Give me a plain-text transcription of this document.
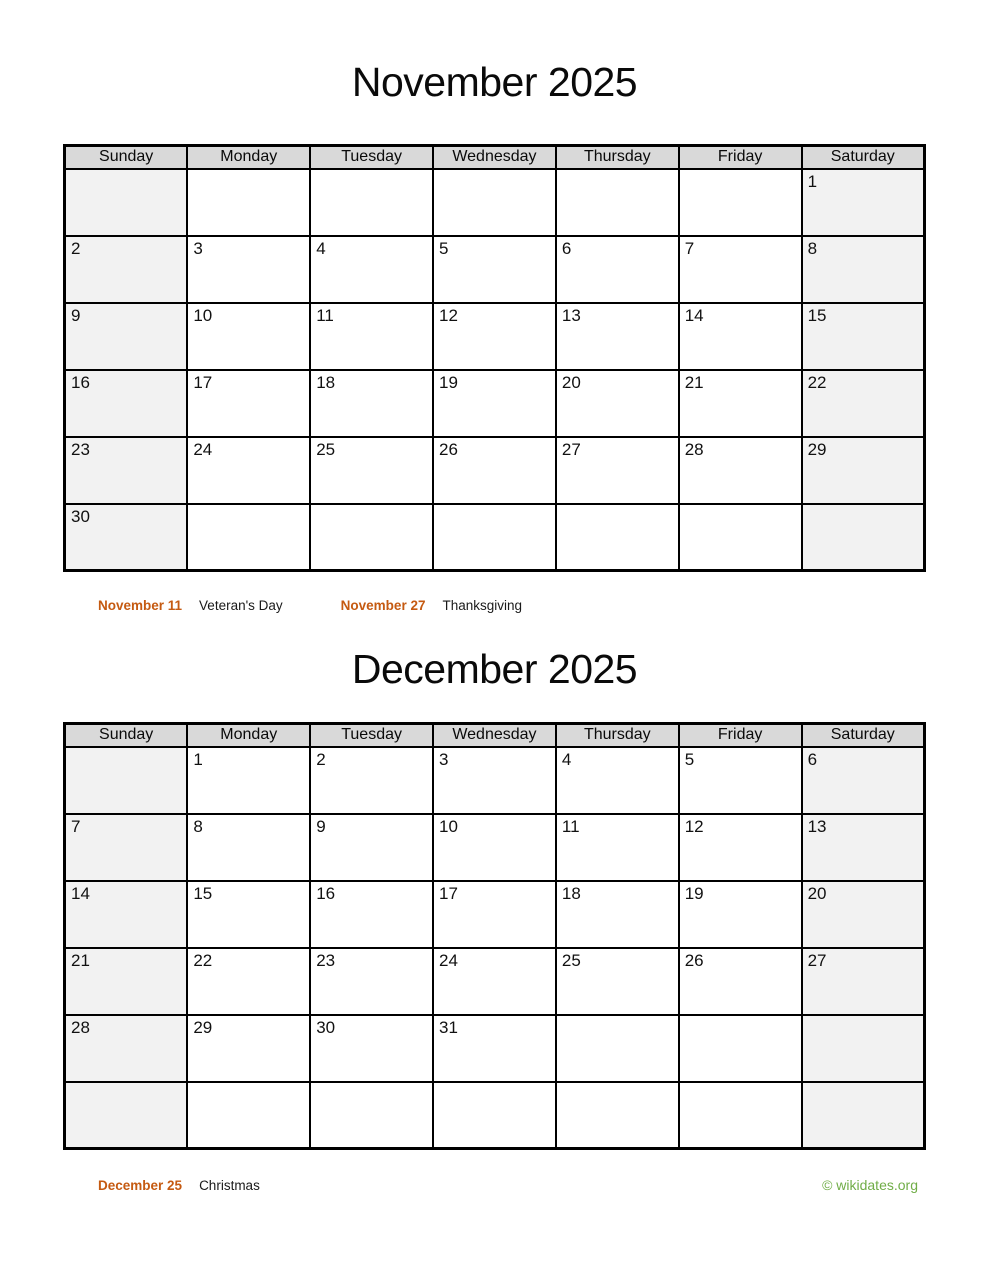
November 2025
Sunday	Monday	Tuesday	Wednesday	Thursday	Friday	Saturday
						1
2	3	4	5	6	7	8
9	10	11	12	13	14	15
16	17	18	19	20	21	22
23	24	25	26	27	28	29
30						
November 11 Veteran's Day	November 27 Thanksgiving
December 2025
Sunday	Monday	Tuesday	Wednesday	Thursday	Friday	Saturday
	1	2	3	4	5	6
7	8	9	10	11	12	13
14	15	16	17	18	19	20
21	22	23	24	25	26	27
28	29	30	31			

December 25 Christmas	© wikidates.org
